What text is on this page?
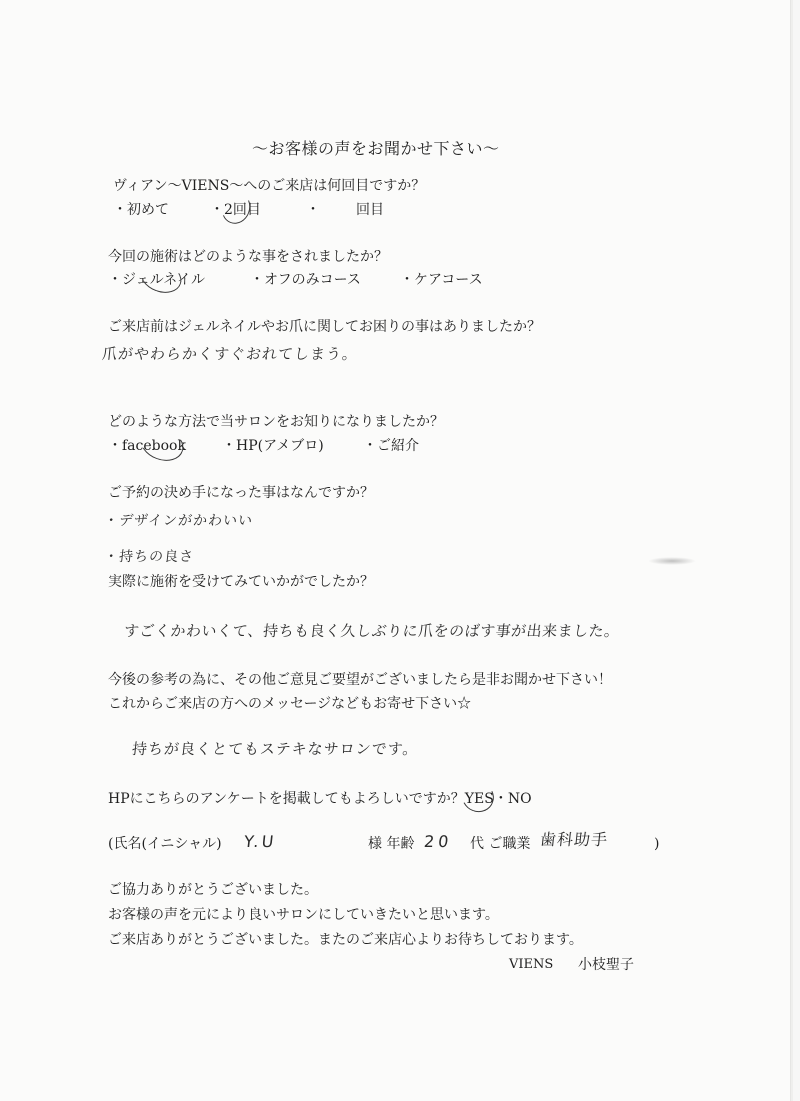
～お客様の声をお聞かせ下さい～
ヴィアン～VIENS～へのご来店は何回目ですか？
・初めて	・2回目	・	回目
今回の施術はどのような事をされましたか？
・ジェルネイル	・オフのみコース	・ケアコース
ご来店前はジェルネイルやお爪に関してお困りの事はありましたか？
爪がやわらかくすぐおれてしまう。
どのような方法で当サロンをお知りになりましたか？
・facebook	・HP(アメブロ)	・ご紹介
ご予約の決め手になった事はなんですか？
・デザインがかわいい
・持ちの良さ
実際に施術を受けてみていかがでしたか？
すごくかわいくて、持ちも良く久しぶりに爪をのばす事が出来ました。
今後の参考の為に、その他ご意見ご要望がございましたら是非お聞かせ下さい！
これからご来店の方へのメッセージなどもお寄せ下さい☆
持ちが良くとてもステキなサロンです。
HPにこちらのアンケートを掲載してもよろしいですか？YES・NO
(氏名(イニシャル) Y.U	様 年齢 20 代 ご職業 歯科助手	)
ご協力ありがとうございました。
お客様の声を元により良いサロンにしていきたいと思います。
ご来店ありがとうございました。またのご来店心よりお待ちしております。
VIENS 小枝聖子
